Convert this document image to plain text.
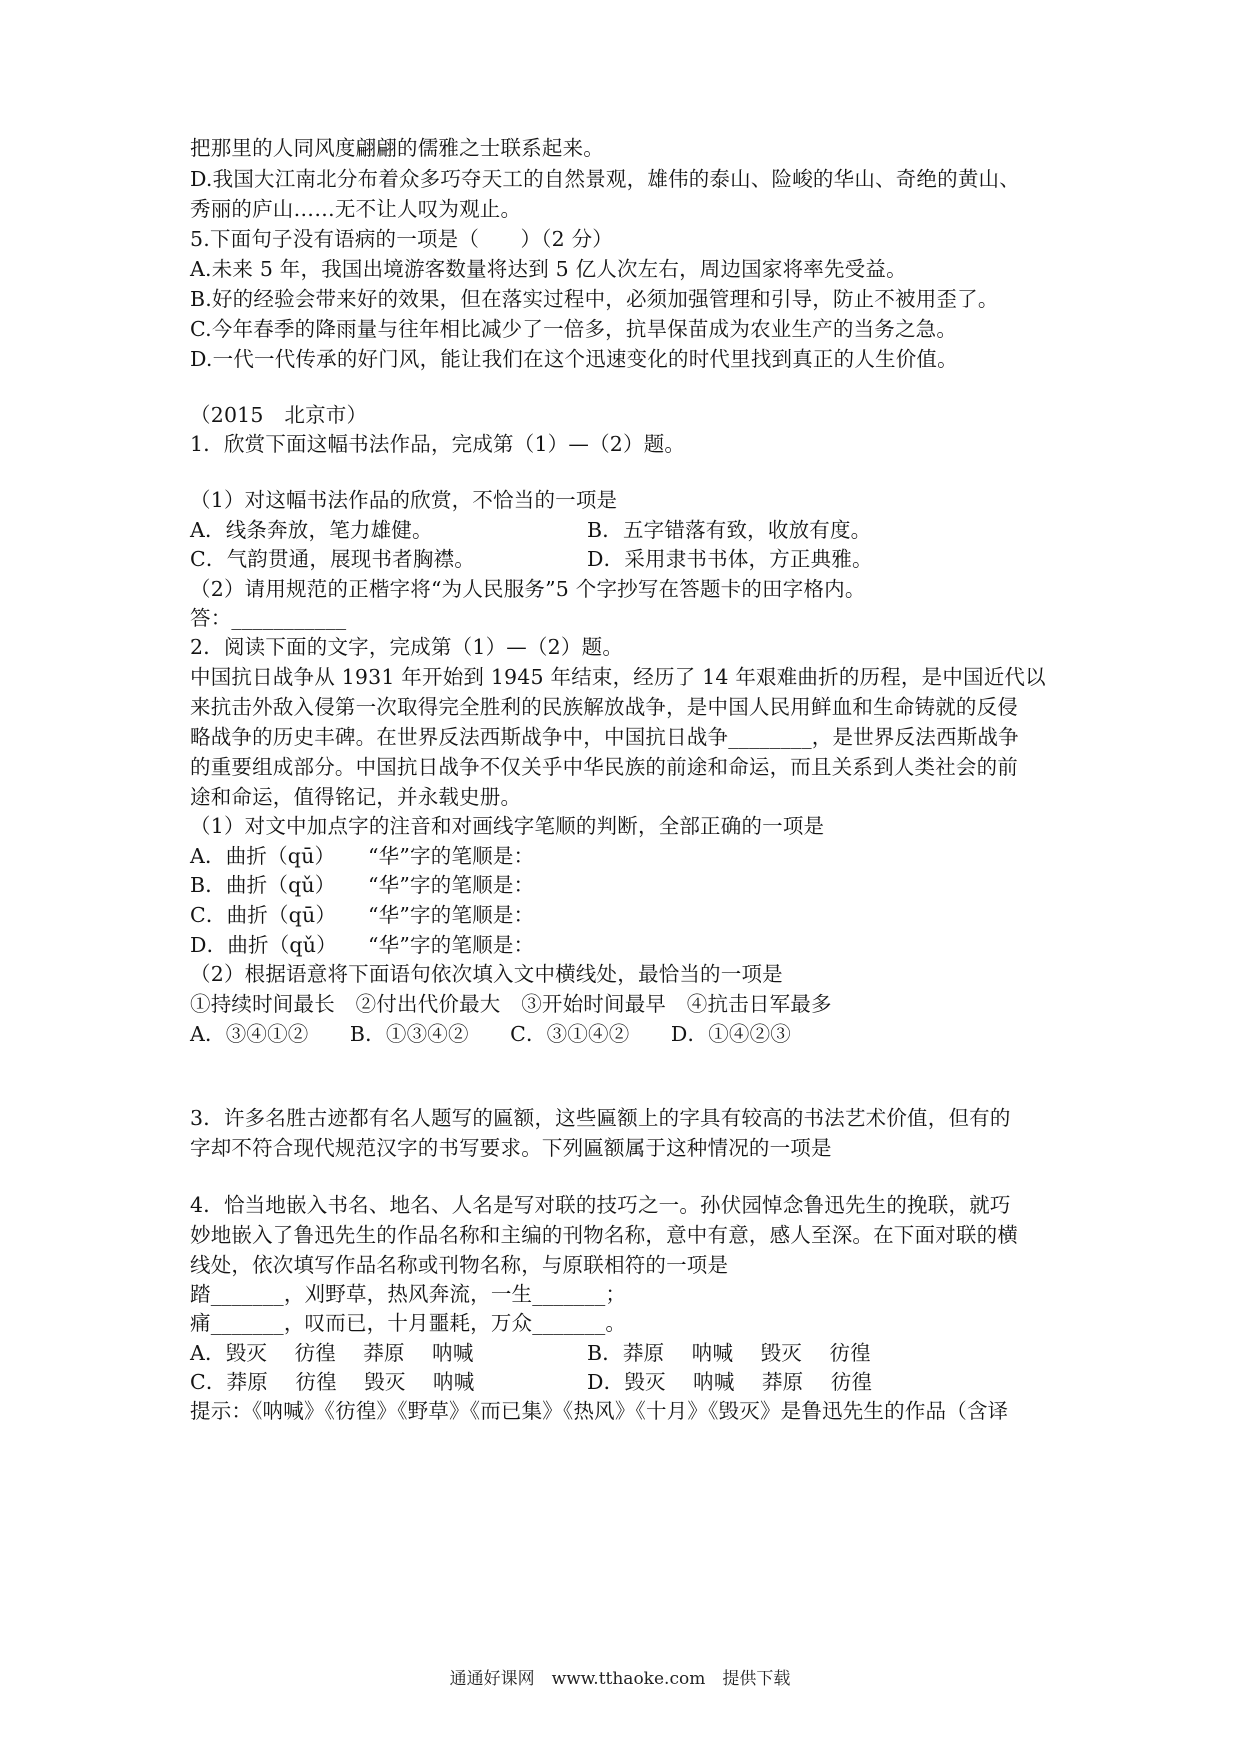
把那里的人同风度翩翩的儒雅之士联系起来。
D.我国大江南北分布着众多巧夺天工的自然景观，雄伟的泰山、险峻的华山、奇绝的黄山、
秀丽的庐山……无不让人叹为观止。
5.下面句子没有语病的一项是（　　）（2 分）
A.未来 5 年，我国出境游客数量将达到 5 亿人次左右，周边国家将率先受益。
B.好的经验会带来好的效果，但在落实过程中，必须加强管理和引导，防止不被用歪了。
C.今年春季的降雨量与往年相比减少了一倍多，抗旱保苗成为农业生产的当务之急。
D.一代一代传承的好门风，能让我们在这个迅速变化的时代里找到真正的人生价值。
（2015　北京市）
1．欣赏下面这幅书法作品，完成第（1）—（2）题。
（1）对这幅书法作品的欣赏，不恰当的一项是
A．线条奔放，笔力雄健。	B．五字错落有致，收放有度。
C．气韵贯通，展现书者胸襟。	D．采用隶书书体，方正典雅。
（2）请用规范的正楷字将“为人民服务”5 个字抄写在答题卡的田字格内。
答：___________
2．阅读下面的文字，完成第（1）—（2）题。
中国抗日战争从 1931 年开始到 1945 年结束，经历了 14 年艰难曲折的历程，是中国近代以
来抗击外敌入侵第一次取得完全胜利的民族解放战争，是中国人民用鲜血和生命铸就的反侵
略战争的历史丰碑。在世界反法西斯战争中，中国抗日战争________，是世界反法西斯战争
的重要组成部分。中国抗日战争不仅关乎中华民族的前途和命运，而且关系到人类社会的前
途和命运，值得铭记，并永载史册。
（1）对文中加点字的注音和对画线字笔顺的判断，全部正确的一项是
A．曲折（qū） “华”字的笔顺是：
B．曲折（qǔ） “华”字的笔顺是：
C．曲折（qū） “华”字的笔顺是：
D．曲折（qǔ） “华”字的笔顺是：
（2）根据语意将下面语句依次填入文中横线处，最恰当的一项是
①持续时间最长　②付出代价最大　③开始时间最早　④抗击日军最多
A．③④①②　　B．①③④②　　C．③①④②　　D．①④②③
3．许多名胜古迹都有名人题写的匾额，这些匾额上的字具有较高的书法艺术价值，但有的
字却不符合现代规范汉字的书写要求。下列匾额属于这种情况的一项是
4．恰当地嵌入书名、地名、人名是写对联的技巧之一。孙伏园悼念鲁迅先生的挽联，就巧
妙地嵌入了鲁迅先生的作品名称和主编的刊物名称，意中有意，感人至深。在下面对联的横
线处，依次填写作品名称或刊物名称，与原联相符的一项是
踏_______，刈野草，热风奔流，一生_______；
痛_______，叹而已，十月噩耗，万众_______。
A．毁灭　 彷徨　 莽原　 呐喊	B．莽原　 呐喊　 毁灭　 彷徨
C．莽原　 彷徨　 毁灭　 呐喊	D．毁灭　 呐喊　 莽原　 彷徨
提示：《呐喊》《彷徨》《野草》《而已集》《热风》《十月》《毁灭》是鲁迅先生的作品（含译
通通好课网　www.tthaoke.com　提供下载
